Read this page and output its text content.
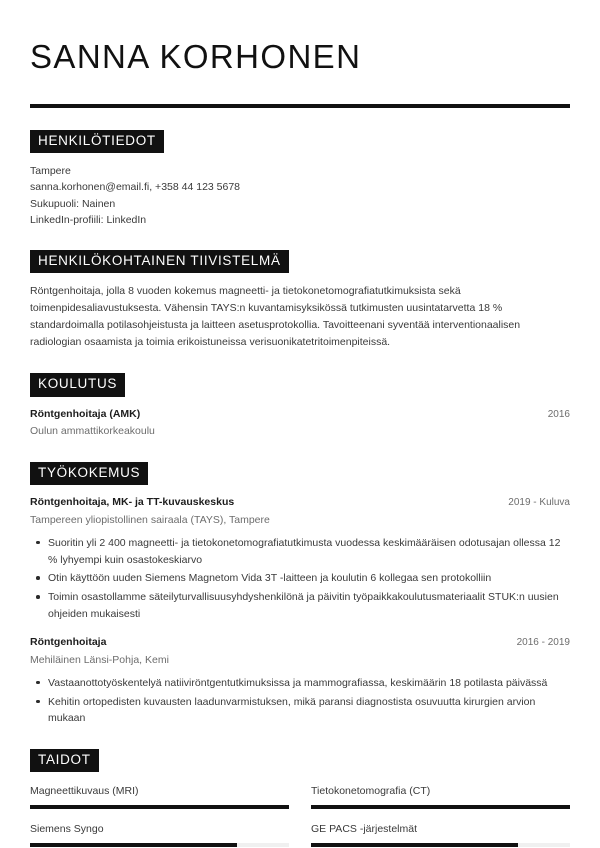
SANNA KORHONEN
HENKILÖTIEDOT
Tampere
sanna.korhonen@email.fi, +358 44 123 5678
Sukupuoli: Nainen
LinkedIn-profiili: LinkedIn
HENKILÖKOHTAINEN TIIVISTELMÄ

Röntgenhoitaja, jolla 8 vuoden kokemus magneetti- ja tietokonetomografiatutkimuksista sekä toimenpidesaliavustuksesta. Vähensin TAYS:n kuvantamisyksikössä tutkimusten uusintatarvetta 18 % standardoimalla potilasohjeistusta ja laitteen asetusprotokollia. Tavoitteenani syventää interventionaalisen radiologian osaamista ja toimia erikoistuneissa verisuonikatetritoimenpiteissä.

KOULUTUS
Röntgenhoitaja (AMK)	2016
Oulun ammattikorkeakoulu
TYÖKOKEMUS
Röntgenhoitaja, MK- ja TT-kuvauskeskus	2019 - Kuluva
Tampereen yliopistollinen sairaala (TAYS), Tampere
Suoritin yli 2 400 magneetti- ja tietokonetomografiatutkimusta vuodessa keskimääräisen odotusajan ollessa 12 % lyhyempi kuin osastokeskiarvo
Otin käyttöön uuden Siemens Magnetom Vida 3T -laitteen ja koulutin 6 kollegaa sen protokolliin
Toimin osastollamme säteilyturvallisuusyhdyshenkilönä ja päivitin työpaikkakoulutusmateriaalit STUK:n uusien ohjeiden mukaisesti
Röntgenhoitaja	2016 - 2019
Mehiläinen Länsi-Pohja, Kemi
Vastaanottotyöskentelyä natiiviröntgentutkimuksissa ja mammografiassa, keskimäärin 18 potilasta päivässä
Kehitin ortopedisten kuvausten laadunvarmistuksen, mikä paransi diagnostista osuvuutta kirurgien arvion mukaan
TAIDOT
Magneettikuvaus (MRI)	Tietokonetomografia (CT)
Siemens Syngo	GE PACS -järjestelmät
